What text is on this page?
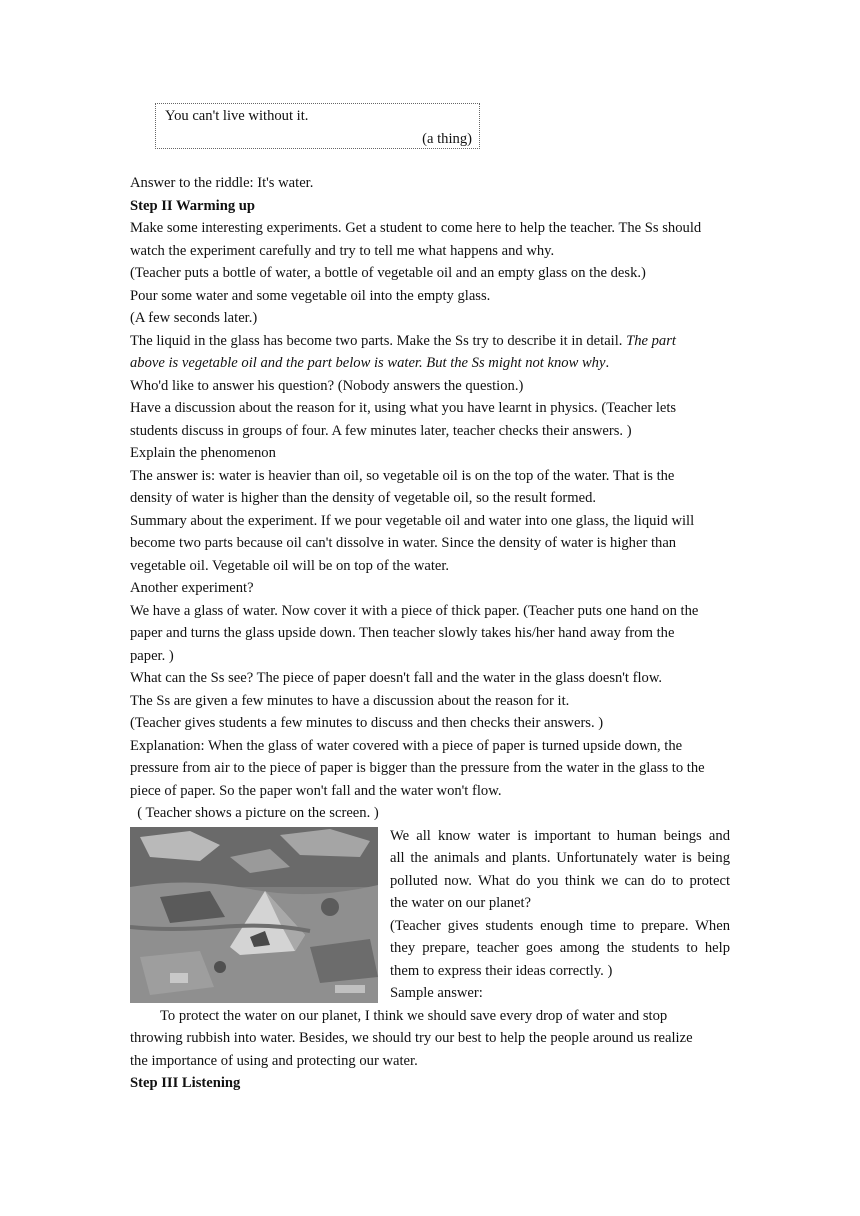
You can't live without it.
(a thing)
Answer to the riddle: It's water.
Step II Warming up
Make some interesting experiments. Get a student to come here to help the teacher. The Ss should
watch the experiment carefully and try to tell me what happens and why.
(Teacher puts a bottle of water, a bottle of vegetable oil and an empty glass on the desk.)
Pour some water and some vegetable oil into the empty glass.
(A few seconds later.)
The liquid in the glass has become two parts. Make the Ss try to describe it in detail. The part
above is vegetable oil and the part below is water. But the Ss might not know why.
Who'd like to answer his question? (Nobody answers the question.)
Have a discussion about the reason for it, using what you have learnt in physics. (Teacher lets
students discuss in groups of four. A few minutes later, teacher checks their answers. )
Explain the phenomenon
The answer is: water is heavier than oil, so vegetable oil is on the top of the water. That is the
density of water is higher than the density of vegetable oil, so the result formed.
Summary about the experiment. If we pour vegetable oil and water into one glass, the liquid will
become two parts because oil can't dissolve in water. Since the density of water is higher than
vegetable oil. Vegetable oil will be on top of the water.
Another experiment?
We have a glass of water. Now cover it with a piece of thick paper. (Teacher puts one hand on the
paper and turns the glass upside down. Then teacher slowly takes his/her hand away from the
paper. )
What can the Ss see? The piece of paper doesn't fall and the water in the glass doesn't flow.
The Ss are given a few minutes to have a discussion about the reason for it.
(Teacher gives students a few minutes to discuss and then checks their answers. )
Explanation: When the glass of water covered with a piece of paper is turned upside down, the
pressure from air to the piece of paper is bigger than the pressure from the water in the glass to the
piece of paper. So the paper won't fall and the water won't flow.
( Teacher shows a picture on the screen. )
We all know water is important to human beings and
all the animals and plants. Unfortunately water is being
polluted now. What do you think we can do to protect
the water on our planet?
(Teacher gives students enough time to prepare. When
they prepare, teacher goes among the students to help
them to express their ideas correctly. )
Sample answer:
To protect the water on our planet, I think we should save every drop of water and stop
throwing rubbish into water. Besides, we should try our best to help the people around us realize
the importance of using and protecting our water.
Step III Listening
